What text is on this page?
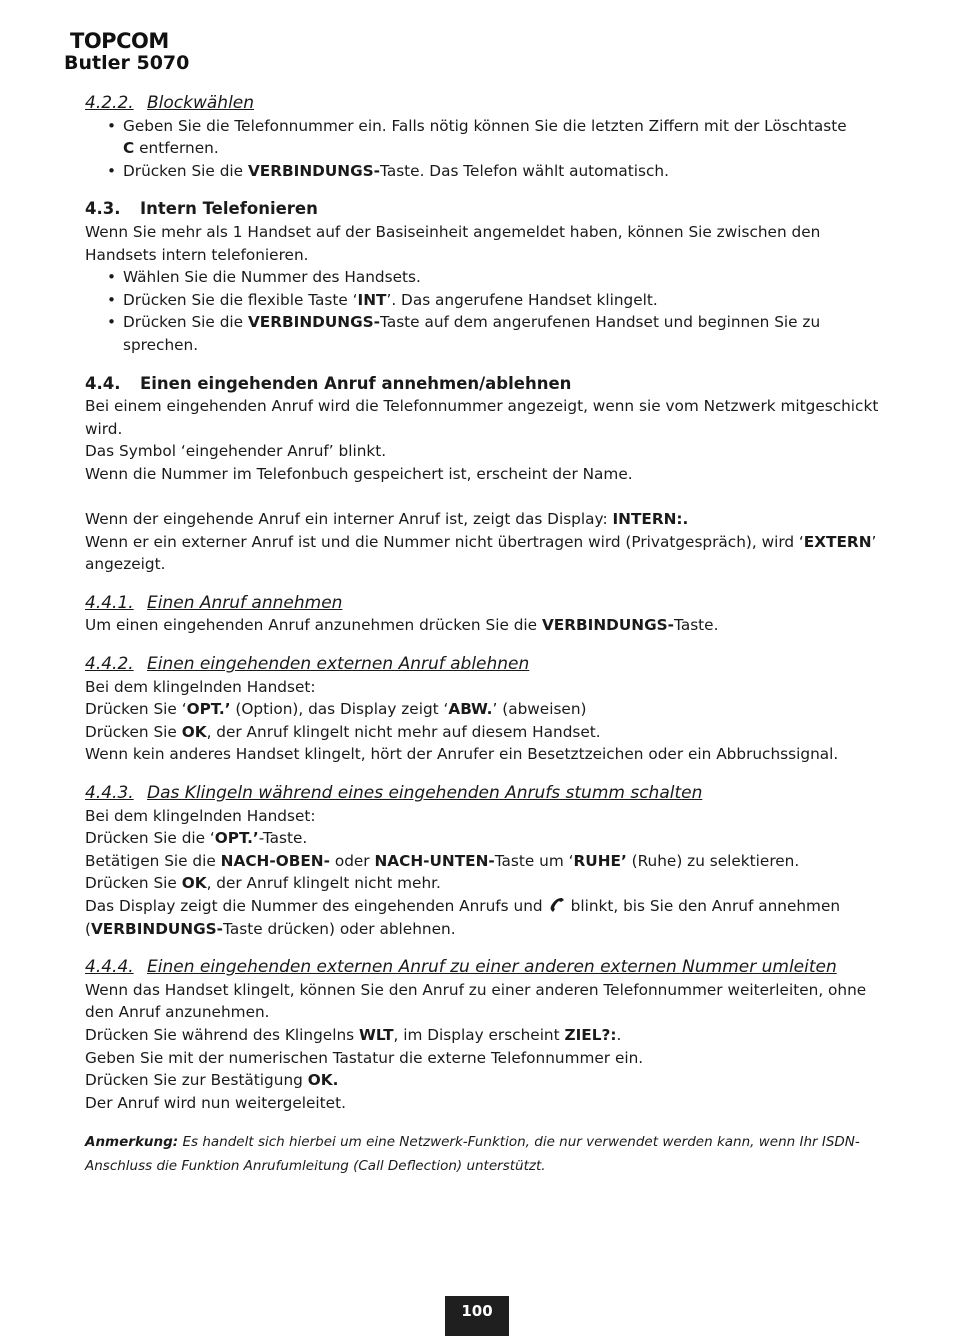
TOPCOM
Butler 5070

4.2.2. Blockwählen

• Geben Sie die Telefonnummer ein. Falls nötig können Sie die letzten Ziffern mit der Löschtaste
C entfernen.
• Drücken Sie die VERBINDUNGS-Taste. Das Telefon wählt automatisch.

4.3. Intern Telefonieren

Wenn Sie mehr als 1 Handset auf der Basiseinheit angemeldet haben, können Sie zwischen den Handsets intern telefonieren.

• Wählen Sie die Nummer des Handsets.
• Drücken Sie die flexible Taste ‘INT’. Das angerufene Handset klingelt.
• Drücken Sie die VERBINDUNGS-Taste auf dem angerufenen Handset und beginnen Sie zu sprechen.

4.4. Einen eingehenden Anruf annehmen/ablehnen

Bei einem eingehenden Anruf wird die Telefonnummer angezeigt, wenn sie vom Netzwerk mitgeschickt wird.

Das Symbol ‘eingehender Anruf’ blinkt.

Wenn die Nummer im Telefonbuch gespeichert ist, erscheint der Name.

Wenn der eingehende Anruf ein interner Anruf ist, zeigt das Display: INTERN:.

Wenn er ein externer Anruf ist und die Nummer nicht übertragen wird (Privatgespräch), wird ‘EXTERN’ angezeigt.

4.4.1. Einen Anruf annehmen

Um einen eingehenden Anruf anzunehmen drücken Sie die VERBINDUNGS-Taste.

4.4.2. Einen eingehenden externen Anruf ablehnen

Bei dem klingelnden Handset:

Drücken Sie ‘OPT.’ (Option), das Display zeigt ‘ABW.’ (abweisen)

Drücken Sie OK, der Anruf klingelt nicht mehr auf diesem Handset.

Wenn kein anderes Handset klingelt, hört der Anrufer ein Besetztzeichen oder ein Abbruchssignal.

4.4.3. Das Klingeln während eines eingehenden Anrufs stumm schalten

Bei dem klingelnden Handset:

Drücken Sie die ‘OPT.’-Taste.

Betätigen Sie die NACH-OBEN- oder NACH-UNTEN-Taste um ‘RUHE’ (Ruhe) zu selektieren.

Drücken Sie OK, der Anruf klingelt nicht mehr.

Das Display zeigt die Nummer des eingehenden Anrufs und blinkt, bis Sie den Anruf annehmen

(VERBINDUNGS-Taste drücken) oder ablehnen.

4.4.4. Einen eingehenden externen Anruf zu einer anderen externen Nummer umleiten

Wenn das Handset klingelt, können Sie den Anruf zu einer anderen Telefonnummer weiterleiten, ohne den Anruf anzunehmen.

Drücken Sie während des Klingelns WLT, im Display erscheint ZIEL?:.

Geben Sie mit der numerischen Tastatur die externe Telefonnummer ein.

Drücken Sie zur Bestätigung OK.

Der Anruf wird nun weitergeleitet.

Anmerkung: Es handelt sich hierbei um eine Netzwerk-Funktion, die nur verwendet werden kann, wenn Ihr ISDN-Anschluss die Funktion Anrufumleitung (Call Deflection) unterstützt.

100
